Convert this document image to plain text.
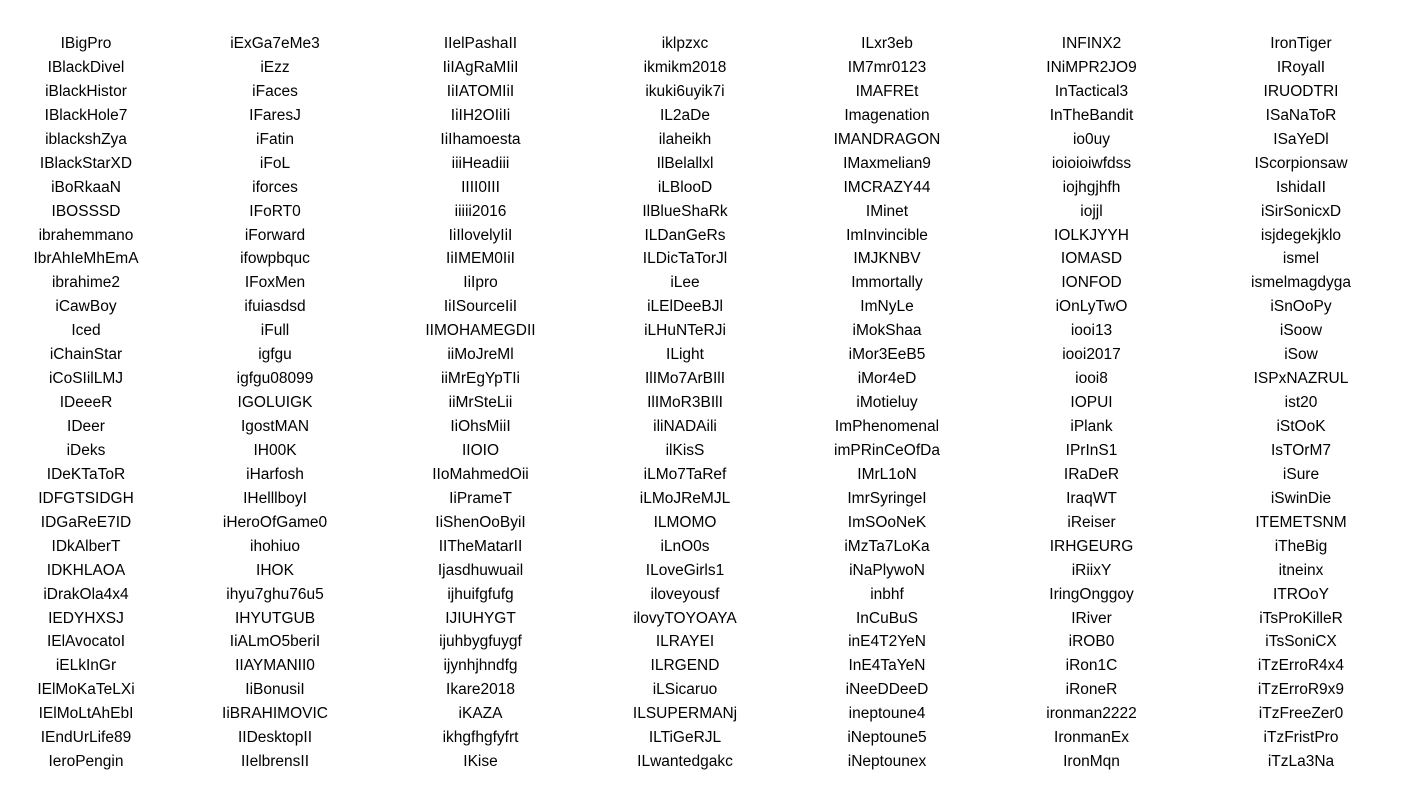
IBigPro
IBlackDivel
iBlackHistor
IBlackHole7
iblackshZya
IBlackStarXD
iBoRkaaN
IBOSSSD
ibrahemmano
IbrAhIeMhEmA
ibrahime2
iCawBoy
Iced
iChainStar
iCoSIilLMJ
IDeeeR
IDeer
iDeks
IDeKTaToR
IDFGTSIDGH
IDGaReE7ID
IDkAlberT
IDKHLAOA
iDrakOla4x4
IEDYHXSJ
IElAvocatoI
iELkInGr
IElMoKaTeLXi
IElMoLtAhEbI
IEndUrLife89
IeroPengin
iExGa7eMe3
iEzz
iFaces
IFaresJ
iFatin
iFoL
iforces
IFoRT0
iForward
ifowpbquc
IFoxMen
ifuiasdsd
iFull
igfgu
igfgu08099
IGOLUIGK
IgostMAN
IH00K
iHarfosh
IHelllboyI
iHeroOfGame0
ihohiuo
IHOK
ihyu7ghu76u5
IHYUTGUB
IiALmO5beriI
IIAYMANII0
IiBonusiI
IiBRAHIMOVIC
IIDesktopII
IIelbrensII
IIelPashaII
IiIAgRaMIiI
IiIATOMIiI
IiIH2OIiIi
IiIhamoesta
iiiHeadiii
IIII0III
iiiii2016
IiIlovelyIiI
IiIMEM0IiI
IiIpro
IiISourceIiI
IIMOHAMEGDII
iiMoJreMl
iiMrEgYpTIi
iiMrSteLii
IiOhsMiiI
IIOIO
IIoMahmedOii
IiPrameT
IiShenOoByiI
IITheMatarII
Ijasdhuwuail
ijhuifgfufg
IJIUHYGT
ijuhbygfuygf
ijynhjhndfg
Ikare2018
iKAZA
ikhgfhgfyfrt
IKise
iklpzxc
ikmikm2018
ikuki6uyik7i
IL2aDe
ilaheikh
IlBelallxl
iLBlooD
IlBlueShaRk
ILDanGeRs
ILDicTaTorJl
iLee
iLElDeeBJl
iLHuNTeRJi
ILight
IlIMo7ArBIlI
IlIMoR3BIlI
iliNADAili
ilKisS
iLMo7TaRef
iLMoJReMJL
ILMOMO
iLnO0s
ILoveGirls1
iloveyousf
ilovyTOYOAYA
ILRAYEI
ILRGEND
iLSicaruo
ILSUPERMANj
ILTiGeRJL
ILwantedgakc
ILxr3eb
IM7mr0123
IMAFREt
Imagenation
IMANDRAGON
IMaxmelian9
IMCRAZY44
IMinet
ImInvincible
IMJKNBV
Immortally
ImNyLe
iMokShaa
iMor3EeB5
iMor4eD
iMotieluy
ImPhenomenal
imPRinCeOfDa
IMrL1oN
ImrSyringeI
ImSOoNeK
iMzTa7LoKa
iNaPlywoN
inbhf
InCuBuS
inE4T2YeN
InE4TaYeN
iNeeDDeeD
ineptoune4
iNeptoune5
iNeptounex
INFINX2
INiMPR2JO9
InTactical3
InTheBandit
io0uy
ioioioiwfdss
iojhgjhfh
iojjl
IOLKJYYH
IOMASD
IONFOD
iOnLyTwO
iooi13
iooi2017
iooi8
IOPUI
iPlank
IPrInS1
IRaDeR
IraqWT
iReiser
IRHGEURG
iRiixY
IringOnggoy
IRiver
iROB0
iRon1C
iRoneR
ironman2222
IronmanEx
IronMqn
IronTiger
IRoyalI
IRUODTRI
ISaNaToR
ISaYeDl
IScorpionsaw
IshidaII
iSirSonicxD
isjdegekjklo
ismel
ismelmagdyga
iSnOoPy
iSoow
iSow
ISPxNAZRUL
ist20
iStOoK
IsTOrM7
iSure
iSwinDie
ITEMETSNM
iTheBig
itneinx
ITROoY
iTsProKilleR
iTsSoniCX
iTzErroR4x4
iTzErroR9x9
iTzFreeZer0
iTzFristPro
iTzLa3Na
